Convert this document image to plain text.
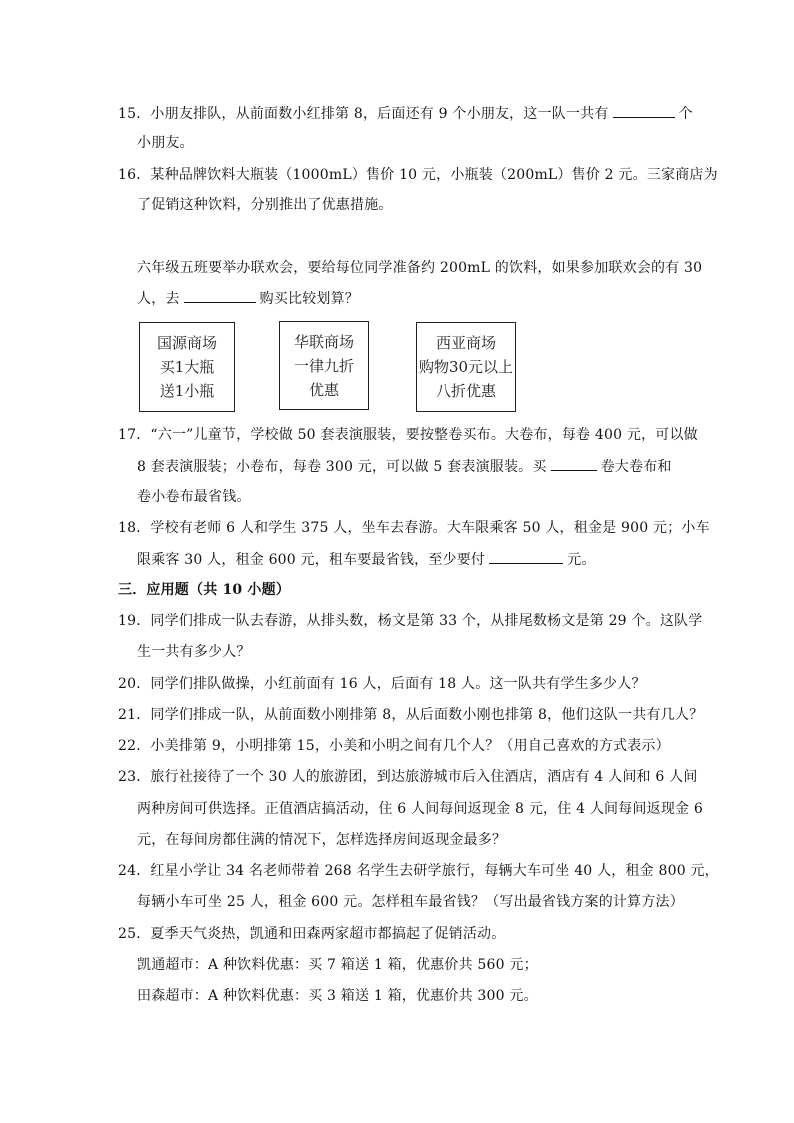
15．小朋友排队，从前面数小红排第 8，后面还有 9 个小朋友，这一队一共有	个
小朋友。
16．某种品牌饮料大瓶装（1000mL）售价 10 元，小瓶装（200mL）售价 2 元。三家商店为
了促销这种饮料，分别推出了优惠措施。
六年级五班要举办联欢会，要给每位同学准备约 200mL 的饮料，如果参加联欢会的有 30
人，去	购买比较划算？
国源商场
买1大瓶
送1小瓶
华联商场
一律九折
优惠
西亚商场
购物30元以上
八折优惠
17．“六一”儿童节，学校做 50 套表演服装，要按整卷买布。大卷布，每卷 400 元，可以做
8 套表演服装；小卷布，每卷 300 元，可以做 5 套表演服装。买	卷大卷布和
卷小卷布最省钱。
18．学校有老师 6 人和学生 375 人，坐车去春游。大车限乘客 50 人，租金是 900 元；小车
限乘客 30 人，租金 600 元，租车要最省钱，至少要付	元。
三．应用题（共 10 小题）
19．同学们排成一队去春游，从排头数，杨文是第 33 个，从排尾数杨文是第 29 个。这队学
生一共有多少人？
20．同学们排队做操，小红前面有 16 人，后面有 18 人。这一队共有学生多少人？
21．同学们排成一队，从前面数小刚排第 8，从后面数小刚也排第 8，他们这队一共有几人？
22．小美排第 9，小明排第 15，小美和小明之间有几个人？（用自己喜欢的方式表示）
23．旅行社接待了一个 30 人的旅游团，到达旅游城市后入住酒店，酒店有 4 人间和 6 人间
两种房间可供选择。正值酒店搞活动，住 6 人间每间返现金 8 元，住 4 人间每间返现金 6
元，在每间房都住满的情况下，怎样选择房间返现金最多？
24．红星小学让 34 名老师带着 268 名学生去研学旅行，每辆大车可坐 40 人，租金 800 元，
每辆小车可坐 25 人，租金 600 元。怎样租车最省钱？（写出最省钱方案的计算方法）
25．夏季天气炎热，凯通和田森两家超市都搞起了促销活动。
凯通超市：A 种饮料优惠：买 7 箱送 1 箱，优惠价共 560 元；
田森超市：A 种饮料优惠：买 3 箱送 1 箱，优惠价共 300 元。
